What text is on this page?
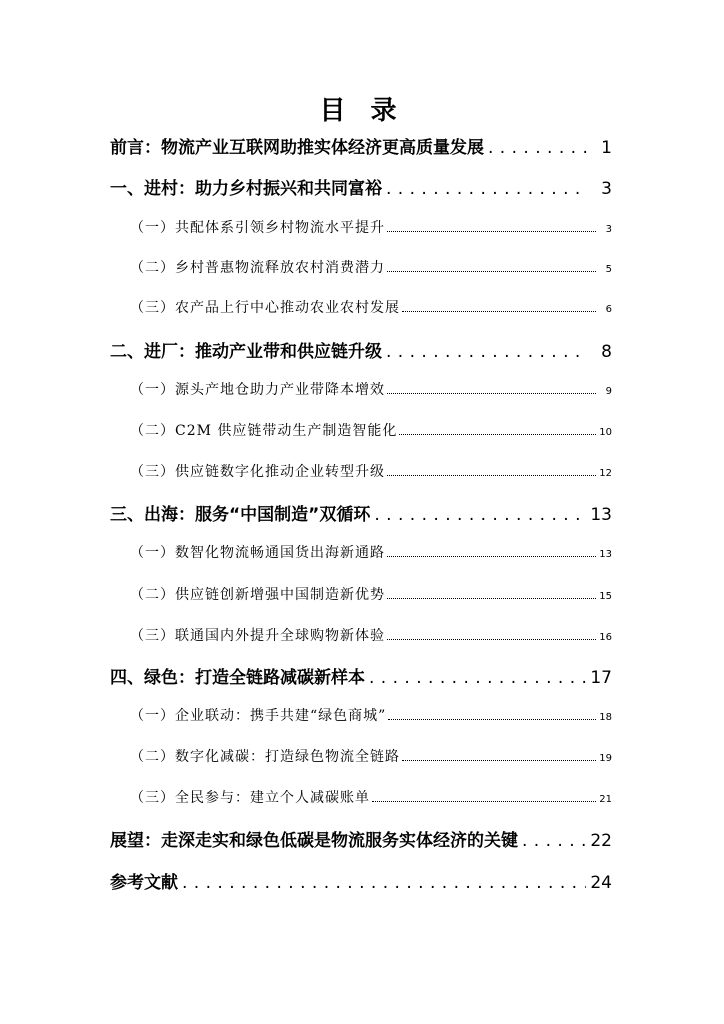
目 录
前言：物流产业互联网助推实体经济更高质量发展 . . .	1
一、进村：助力乡村振兴和共同富裕 . . .	3
（一）共配体系引领乡村物流水平提升	3
（二）乡村普惠物流释放农村消费潜力	5
（三）农产品上行中心推动农业农村发展	6
二、进厂：推动产业带和供应链升级 . . .	8
（一）源头产地仓助力产业带降本增效	9
（二）C2M 供应链带动生产制造智能化	10
（三）供应链数字化推动企业转型升级	12
三、出海：服务“中国制造”双循环 . . .	13
（一）数智化物流畅通国货出海新通路	13
（二）供应链创新增强中国制造新优势	15
（三）联通国内外提升全球购物新体验	16
四、绿色：打造全链路减碳新样本 . . .	17
（一）企业联动：携手共建“绿色商城”	18
（二）数字化减碳：打造绿色物流全链路	19
（三）全民参与：建立个人减碳账单	21
展望：走深走实和绿色低碳是物流服务实体经济的关键 . . .	22
参考文献 . . .	24
